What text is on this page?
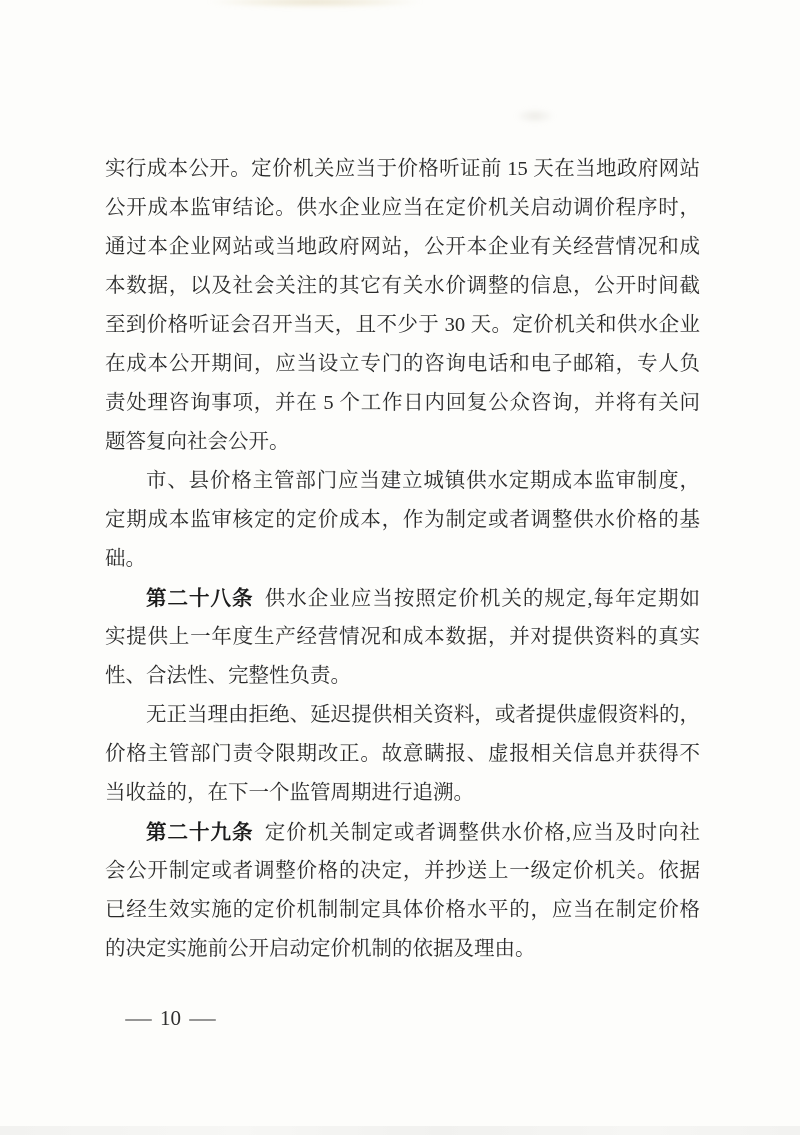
实行成本公开。定价机关应当于价格听证前 15 天在当地政府网站
公开成本监审结论。供水企业应当在定价机关启动调价程序时，
通过本企业网站或当地政府网站，公开本企业有关经营情况和成
本数据，以及社会关注的其它有关水价调整的信息，公开时间截
至到价格听证会召开当天，且不少于 30 天。定价机关和供水企业
在成本公开期间，应当设立专门的咨询电话和电子邮箱，专人负
责处理咨询事项，并在 5 个工作日内回复公众咨询，并将有关问
题答复向社会公开。
市、县价格主管部门应当建立城镇供水定期成本监审制度，
定期成本监审核定的定价成本，作为制定或者调整供水价格的基
础。
第二十八条 供水企业应当按照定价机关的规定,每年定期如
实提供上一年度生产经营情况和成本数据，并对提供资料的真实
性、合法性、完整性负责。
无正当理由拒绝、延迟提供相关资料，或者提供虚假资料的，
价格主管部门责令限期改正。故意瞒报、虚报相关信息并获得不
当收益的，在下一个监管周期进行追溯。
第二十九条 定价机关制定或者调整供水价格,应当及时向社
会公开制定或者调整价格的决定，并抄送上一级定价机关。依据
已经生效实施的定价机制制定具体价格水平的，应当在制定价格
的决定实施前公开启动定价机制的依据及理由。
— 10 —
